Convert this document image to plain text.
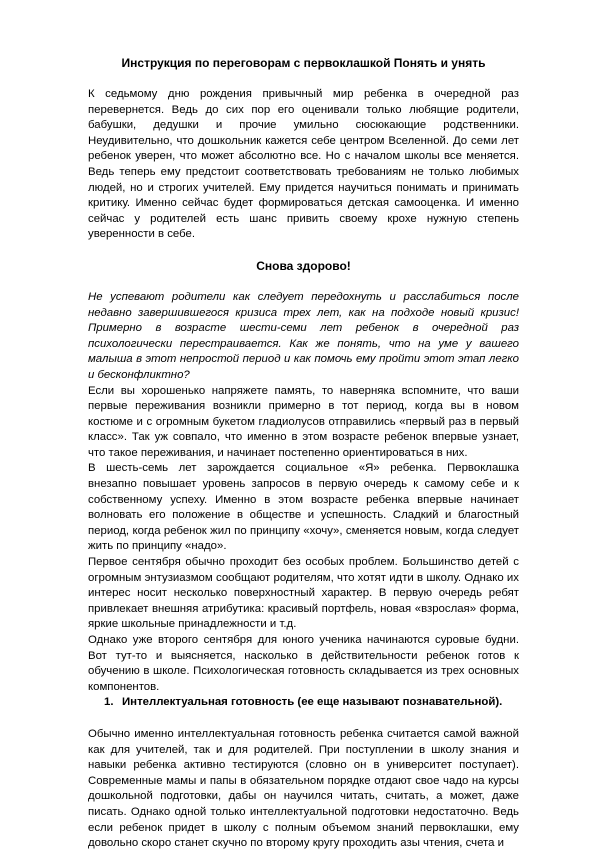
Инструкция по переговорам с первоклашкой Понять и унять

К седьмому дню рождения привычный мир ребенка в очередной раз перевернется. Ведь до сих пор его оценивали только любящие родители, бабушки, дедушки и прочие умильно сюсюкающие родственники. Неудивительно, что дошкольник кажется себе центром Вселенной. До семи лет ребенок уверен, что может абсолютно все. Но с началом школы все меняется. Ведь теперь ему предстоит соответствовать требованиям не только любимых людей, но и строгих учителей. Ему придется научиться понимать и принимать критику. Именно сейчас будет формироваться детская самооценка. И именно сейчас у родителей есть шанс привить своему крохе нужную степень уверенности в себе.

Снова здорово!

Не успевают родители как следует передохнуть и расслабиться после недавно завершившегося кризиса трех лет, как на подходе новый кризис! Примерно в возрасте шести-семи лет ребенок в очередной раз психологически перестраивается. Как же понять, что на уме у вашего малыша в этот непростой период и как помочь ему пройти этот этап легко и бесконфликтно?

Если вы хорошенько напряжете память, то наверняка вспомните, что ваши первые переживания возникли примерно в тот период, когда вы в новом костюме и с огромным букетом гладиолусов отправились «первый раз в первый класс». Так уж совпало, что именно в этом возрасте ребенок впервые узнает, что такое переживания, и начинает постепенно ориентироваться в них.

В шесть-семь лет зарождается социальное «Я» ребенка. Первоклашка внезапно повышает уровень запросов в первую очередь к самому себе и к собственному успеху. Именно в этом возрасте ребенка впервые начинает волновать его положение в обществе и успешность. Сладкий и благостный период, когда ребенок жил по принципу «хочу», сменяется новым, когда следует жить по принципу «надо».

Первое сентября обычно проходит без особых проблем. Большинство детей с огромным энтузиазмом сообщают родителям, что хотят идти в школу. Однако их интерес носит несколько поверхностный характер. В первую очередь ребят привлекает внешняя атрибутика: красивый портфель, новая «взрослая» форма, яркие школьные принадлежности и т.д.

Однако уже второго сентября для юного ученика начинаются суровые будни. Вот тут-то и выясняется, насколько в действительности ребенок готов к обучению в школе. Психологическая готовность складывается из трех основных компонентов.

1. Интеллектуальная готовность (ее еще называют познавательной).

Обычно именно интеллектуальная готовность ребенка считается самой важной как для учителей, так и для родителей. При поступлении в школу знания и навыки ребенка активно тестируются (словно он в университет поступает). Современные мамы и папы в обязательном порядке отдают свое чадо на курсы дошкольной подготовки, дабы он научился читать, считать, а может, даже писать. Однако одной только интеллектуальной подготовки недостаточно. Ведь если ребенок придет в школу с полным объемом знаний первоклашки, ему довольно скоро станет скучно по второму кругу проходить азы чтения, счета и
